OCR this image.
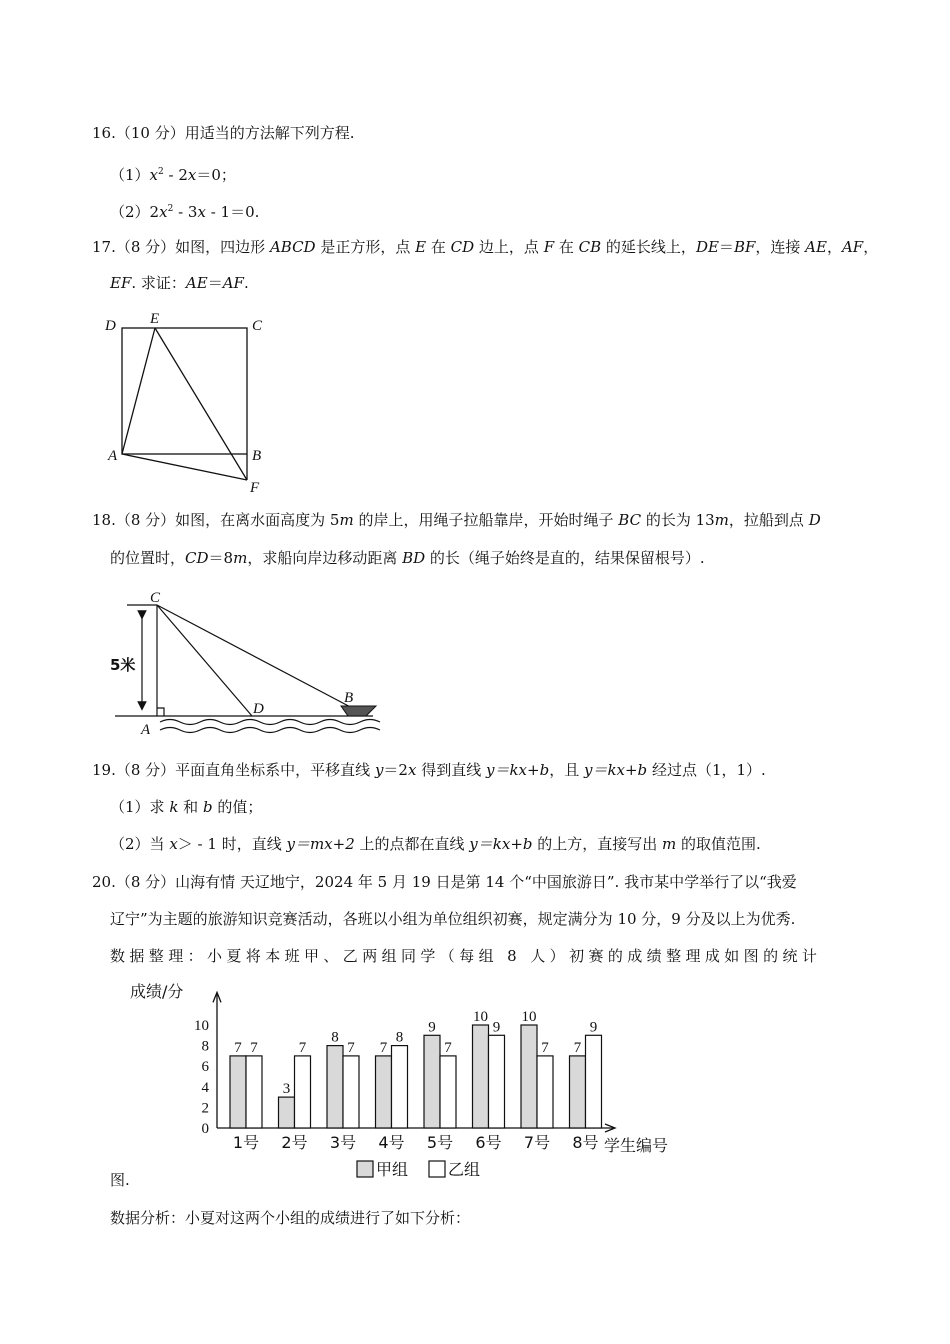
16.（10 分）用适当的方法解下列方程.
$(1)x^2 - 2x=0$；
$(2)2x^2 - 3x - 1=0$.
17.（8 分）如图，四边形 ABCD 是正方形，点 E 在 CD 边上，点 F 在 CB 的延长线上，DE＝BF，连接 AE，AF，
EF. 求证：AE＝AF.
D E	C
A	B
F
18.（8 分）如图，在离水面高度为 5m 的岸上，用绳子拉船靠岸，开始时绳子 BC 的长为 13m，拉船到点 D
的位置时，CD＝8m，求船向岸边移动距离 BD 的长（绳子始终是直的，结果保留根号）.
C
D
B
A
5米
19.（8 分）平面直角坐标系中，平移直线 y＝2x 得到直线 y＝kx+b，且 y＝kx+b 经过点（1，1）.
（1）求 k 和 b 的值；
（2）当 x＞ - 1 时，直线 y＝mx+2 上的点都在直线 y＝kx+b 的上方，直接写出 m 的取值范围.
20.（8 分）山海有情 天辽地宁，2024 年 5 月 19 日是第 14 个“中国旅游日”. 我市某中学举行了以“我爱
辽宁”为主题的旅游知识竞赛活动，各班以小组为单位组织初赛，规定满分为 10 分，9 分及以上为优秀.
数据整理：小夏将本班甲、乙两组同学（每组 8 人）初赛的成绩整理成如图的统计
成绩/分
学生编号
0
2
4
6
8
10
7 7
1号
3
7
2号
8
7
3号
7
8
4号
9
7
5号
10
9
6号
10
7
7号
7
9
8号
甲组 乙组
图.
数据分析：小夏对这两个小组的成绩进行了如下分析：
